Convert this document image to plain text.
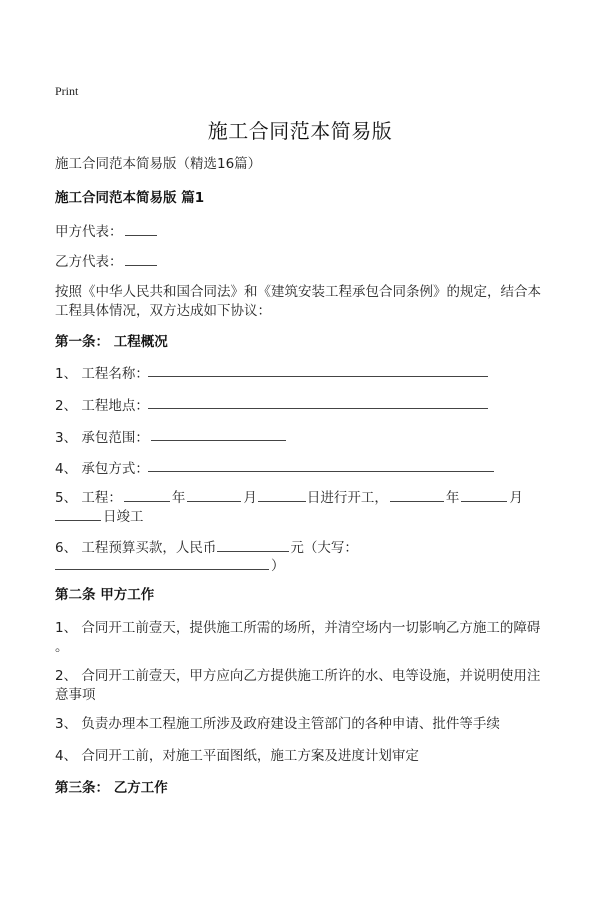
Print
施工合同范本简易版
施工合同范本简易版（精选16篇）
施工合同范本简易版 篇1
甲方代表：
乙方代表：
按照《中华人民共和国合同法》和《建筑安装工程承包合同条例》的规定，结合本
工程具体情况，双方达成如下协议：
第一条： 工程概况
1、 工程名称：
2、 工程地点：
3、 承包范围：
4、 承包方式：
5、 工程：	年	月	日进行开工，	年	月
日竣工
6、 工程预算买款，人民币	元（大写：
）
第二条 甲方工作
1、 合同开工前壹天，提供施工所需的场所，并清空场内一切影响乙方施工的障碍
。
2、 合同开工前壹天，甲方应向乙方提供施工所许的水、电等设施，并说明使用注
意事项
3、 负责办理本工程施工所涉及政府建设主管部门的各种申请、批件等手续
4、 合同开工前，对施工平面图纸，施工方案及进度计划审定
第三条： 乙方工作
